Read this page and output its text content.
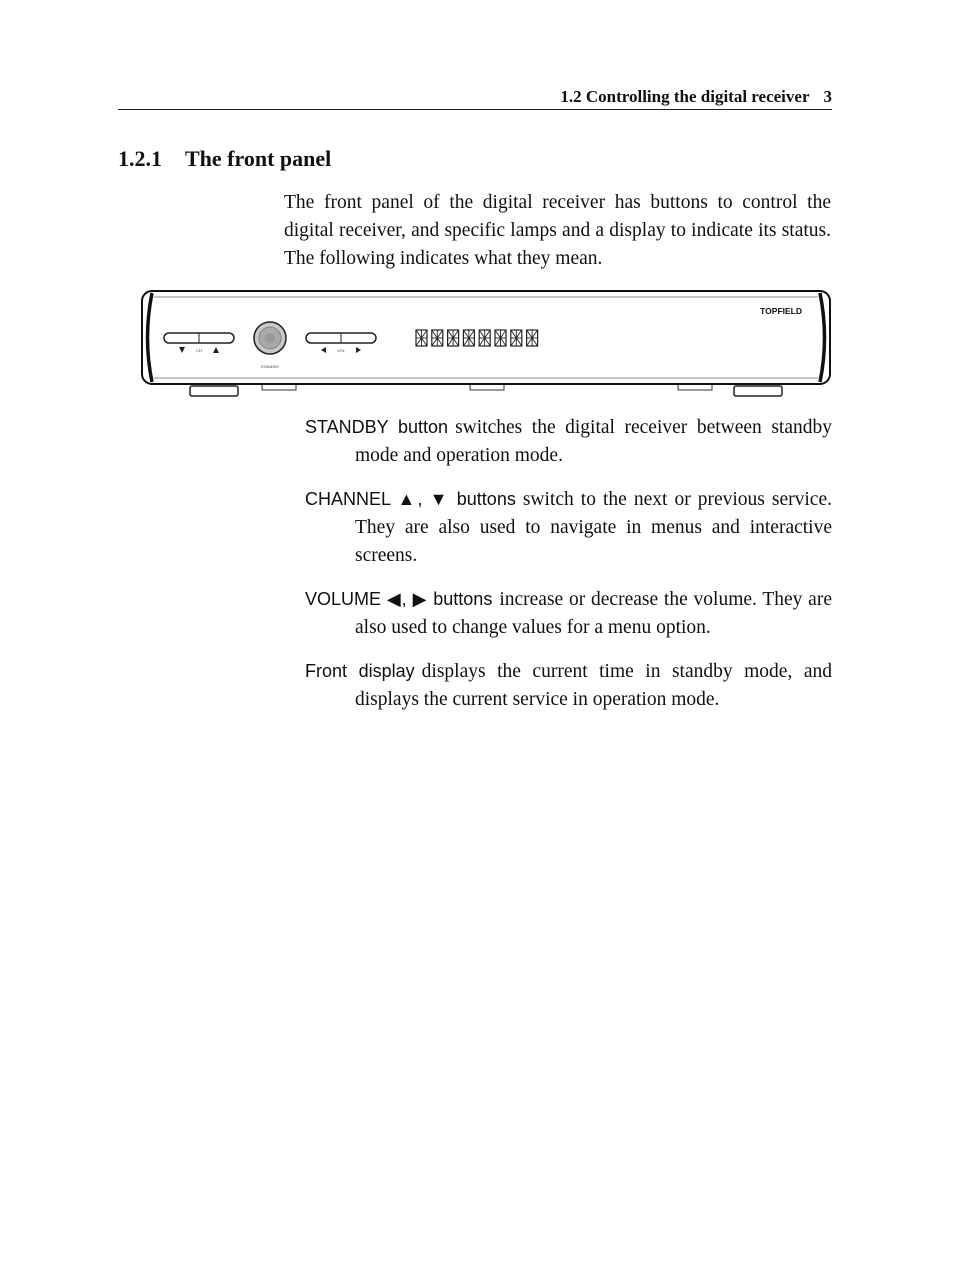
1.2 Controlling the digital receiver 3
1.2.1 The front panel

The front panel of the digital receiver has buttons to control the digital receiver, and specific lamps and a display to indicate its status. The following indicates what they mean.

CH
STANDBY
VOL
TOPFIELD
STANDBY button switches the digital receiver between standby mode and operation mode.
CHANNEL ▲, ▼ buttons switch to the next or previous service. They are also used to navigate in menus and interactive screens.
VOLUME ◀, ▶ buttons increase or decrease the volume. They are also used to change values for a menu option.
Front display displays the current time in standby mode, and displays the current service in operation mode.
